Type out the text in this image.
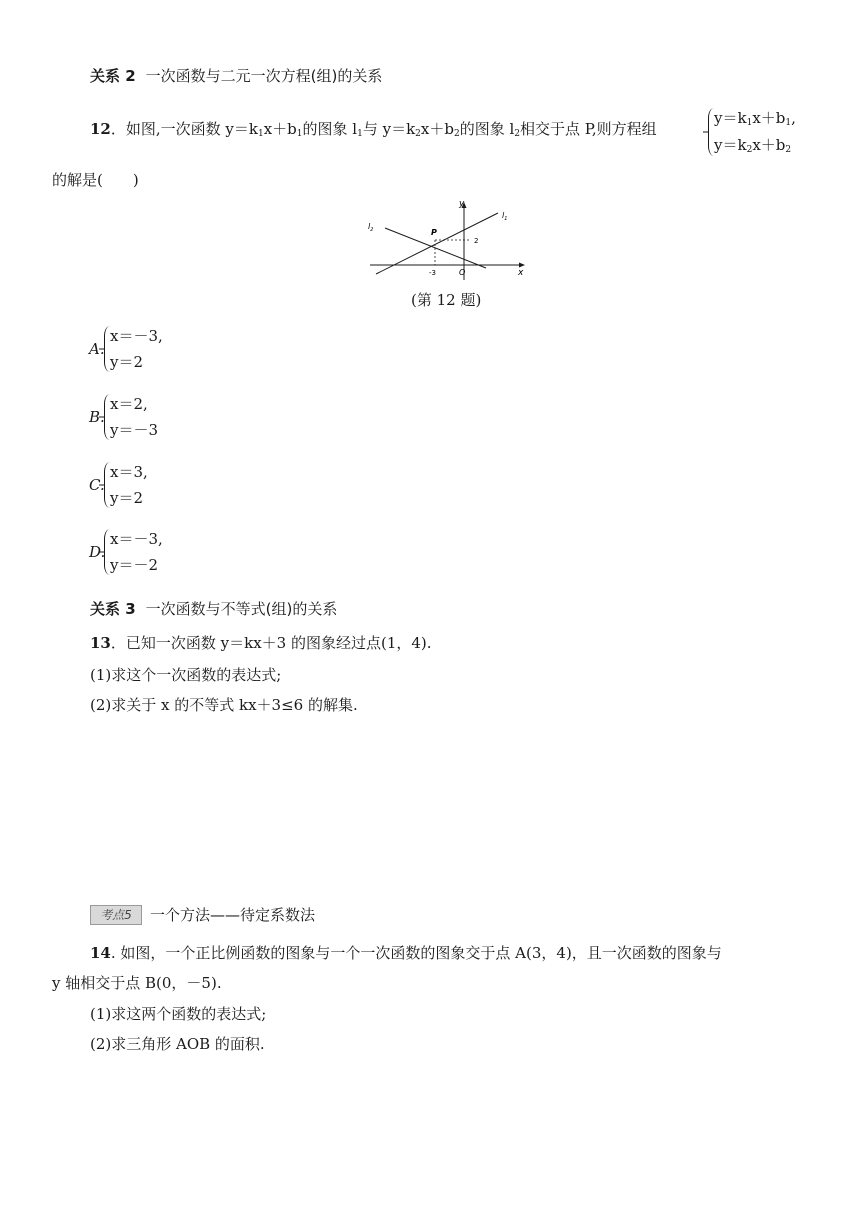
关系 2 一次函数与二元一次方程(组)的关系
12．如图,一次函数 $y=k_1x+b_1$的图象 $l_1$与 $y=k_2x+b_2$的图象 $l_2$相交于点 P,则方程组
$y=k_1x+b_1$,
$y=k_2x+b_2$
的解是(　　)
y
x
O
$l_1$
$l_2$	P
-3
2
(第 12 题)
A.
x＝－3,
y＝2
B.
x＝2,
y＝－3
C.
x＝3,
y＝2
D.
x＝－3,
y＝－2
关系 3 一次函数与不等式(组)的关系
13．已知一次函数 y＝kx＋3 的图象经过点(1，4).
(1)求这个一次函数的表达式;
(2)求关于 x 的不等式 kx＋3≤6 的解集.
考点5	一个方法——待定系数法
14. 如图，一个正比例函数的图象与一个一次函数的图象交于点 A(3，4)，且一次函数的图象与
y 轴相交于点 B(0，－5).
(1)求这两个函数的表达式;
(2)求三角形 AOB 的面积.
